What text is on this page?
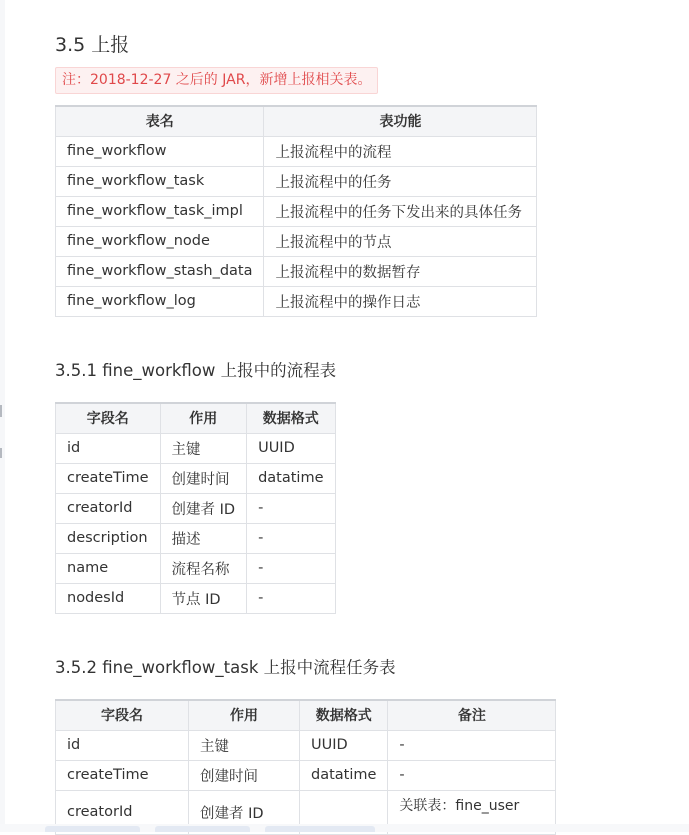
3.5 上报
注：2018-12-27 之后的 JAR，新增上报相关表。
表名	表功能
fine_workflow	上报流程中的流程
fine_workflow_task	上报流程中的任务
fine_workflow_task_impl	上报流程中的任务下发出来的具体任务
fine_workflow_node	上报流程中的节点
fine_workflow_stash_data	上报流程中的数据暂存
fine_workflow_log	上报流程中的操作日志
3.5.1 fine_workflow 上报中的流程表
字段名	作用	数据格式
id	主键	UUID
createTime	创建时间	datatime
creatorId	创建者 ID	-
description	描述	-
name	流程名称	-
nodesId	节点 ID	-
3.5.2 fine_workflow_task 上报中流程任务表
字段名	作用	数据格式	备注
id	主键	UUID	-
createTime	创建时间	datatime	-
creatorId	创建者 ID		关联表：fine_user
